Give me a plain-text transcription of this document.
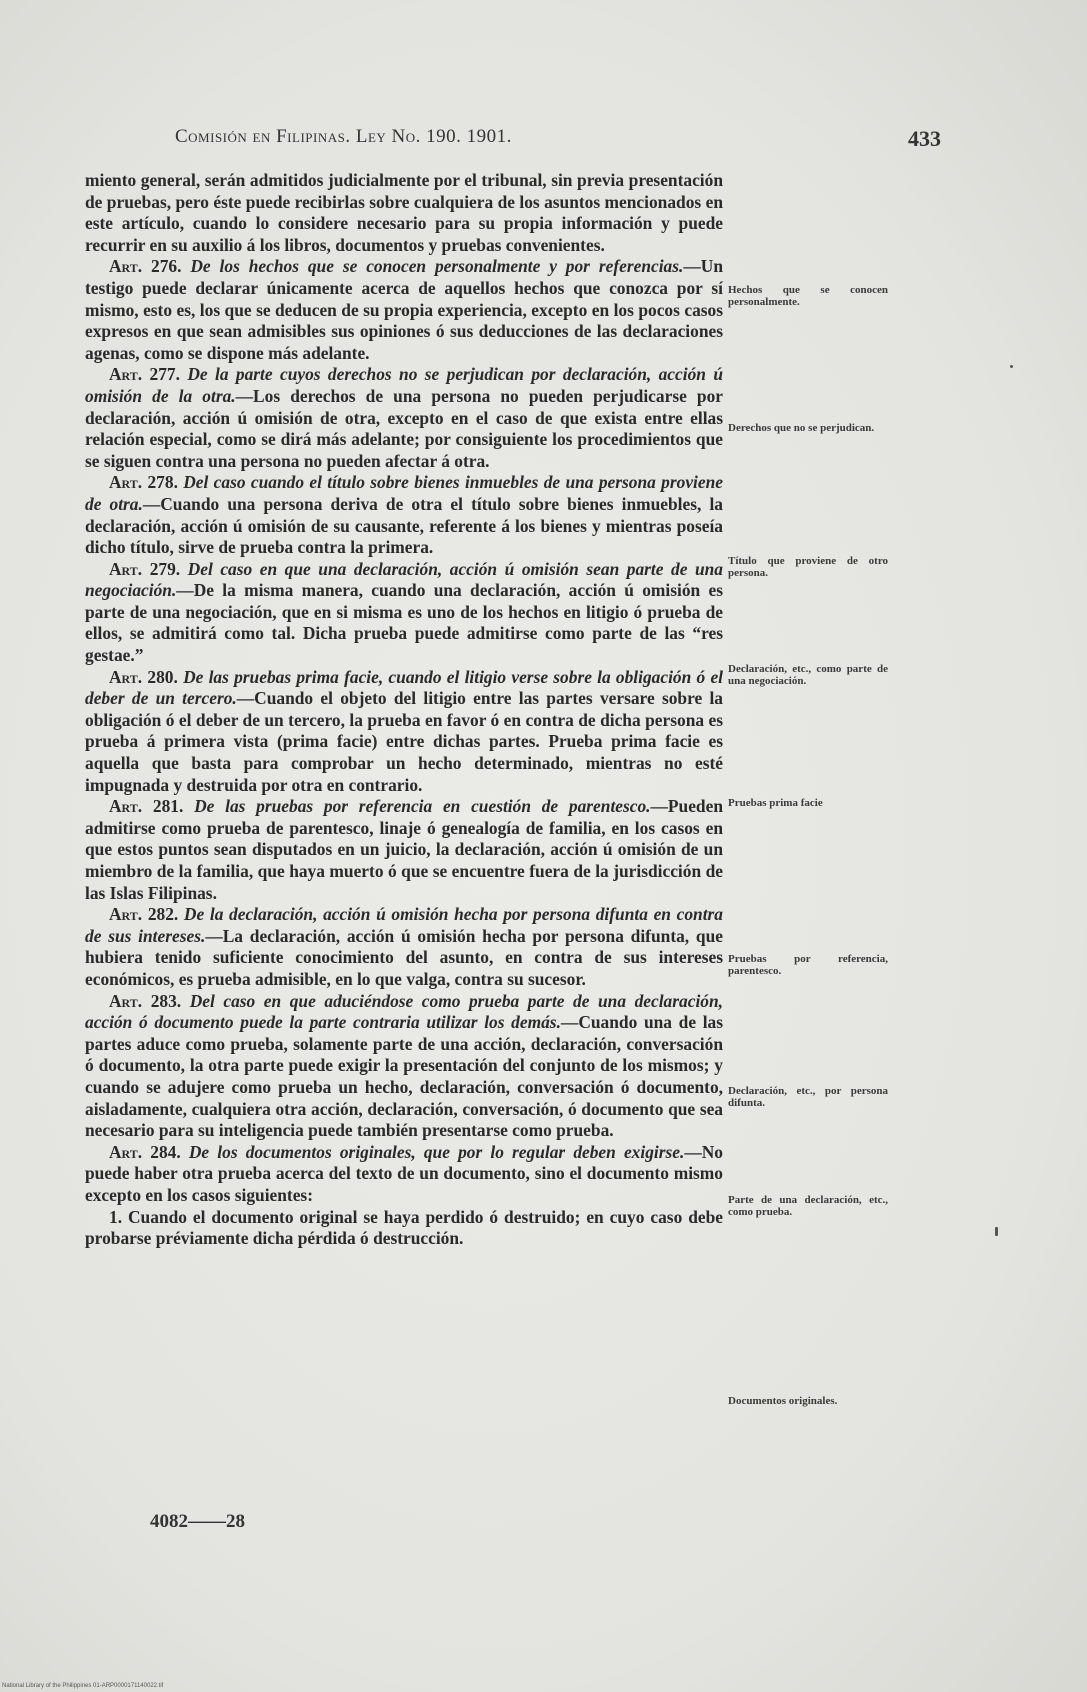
Comisión en Filipinas. Ley No. 190. 1901.	433

miento general, serán admitidos judicialmente por el tribunal, sin previa presentación de pruebas, pero éste puede recibirlas sobre cualquiera de los asuntos mencionados en este artículo, cuando lo considere necesario para su propia información y puede recurrir en su auxilio á los libros, documentos y pruebas convenientes.

Art. 276. De los hechos que se conocen personalmente y por referencias.—Un testigo puede declarar únicamente acerca de aquellos hechos que conozca por sí mismo, esto es, los que se deducen de su propia experiencia, excepto en los pocos casos expresos en que sean admisibles sus opiniones ó sus deducciones de las declaraciones agenas, como se dispone más adelante.

Art. 277. De la parte cuyos derechos no se perjudican por declaración, acción ú omisión de la otra.—Los derechos de una persona no pueden perjudicarse por declaración, acción ú omisión de otra, excepto en el caso de que exista entre ellas relación especial, como se dirá más adelante; por consiguiente los procedimientos que se siguen contra una persona no pueden afectar á otra.

Art. 278. Del caso cuando el título sobre bienes inmuebles de una persona proviene de otra.—Cuando una persona deriva de otra el título sobre bienes inmuebles, la declaración, acción ú omisión de su causante, referente á los bienes y mientras poseía dicho título, sirve de prueba contra la primera.

Art. 279. Del caso en que una declaración, acción ú omisión sean parte de una negociación.—De la misma manera, cuando una declaración, acción ú omisión es parte de una negociación, que en si misma es uno de los hechos en litigio ó prueba de ellos, se admitirá como tal. Dicha prueba puede admitirse como parte de las “res gestae.”

Art. 280. De las pruebas prima facie, cuando el litigio verse sobre la obligación ó el deber de un tercero.—Cuando el objeto del litigio entre las partes versare sobre la obligación ó el deber de un tercero, la prueba en favor ó en contra de dicha persona es prueba á primera vista (prima facie) entre dichas partes. Prueba prima facie es aquella que basta para comprobar un hecho determinado, mientras no esté impugnada y destruida por otra en contrario.

Art. 281. De las pruebas por referencia en cuestión de parentesco.—Pueden admitirse como prueba de parentesco, linaje ó genealogía de familia, en los casos en que estos puntos sean disputados en un juicio, la declaración, acción ú omisión de un miembro de la familia, que haya muerto ó que se encuentre fuera de la jurisdicción de las Islas Filipinas.

Art. 282. De la declaración, acción ú omisión hecha por persona difunta en contra de sus intereses.—La declaración, acción ú omisión hecha por persona difunta, que hubiera tenido suficiente conocimiento del asunto, en contra de sus intereses económicos, es prueba admisible, en lo que valga, contra su sucesor.

Art. 283. Del caso en que aduciéndose como prueba parte de una declaración, acción ó documento puede la parte contraria utilizar los demás.—Cuando una de las partes aduce como prueba, solamente parte de una acción, declaración, conversación ó documento, la otra parte puede exigir la presentación del conjunto de los mismos; y cuando se adujere como prueba un hecho, declaración, conversación ó documento, aisladamente, cualquiera otra acción, declaración, conversación, ó documento que sea necesario para su inteligencia puede también presentarse como prueba.

Art. 284. De los documentos originales, que por lo regular deben exigirse.—No puede haber otra prueba acerca del texto de un documento, sino el documento mismo excepto en los casos siguientes:

1. Cuando el documento original se haya perdido ó destruido; en cuyo caso debe probarse préviamente dicha pérdida ó destrucción.

Hechos que se conocen personalmente.
Derechos que no se perjudican.
Título que proviene de otro persona.
Declaración, etc., como parte de una negociación.
Pruebas prima facie
Pruebas por referencia, parentesco.
Declaración, etc., por persona difunta.
Parte de una declaración, etc., como prueba.
Documentos originales.
4082——28
National Library of the Philippines 01-ARP0000171140022.tif
